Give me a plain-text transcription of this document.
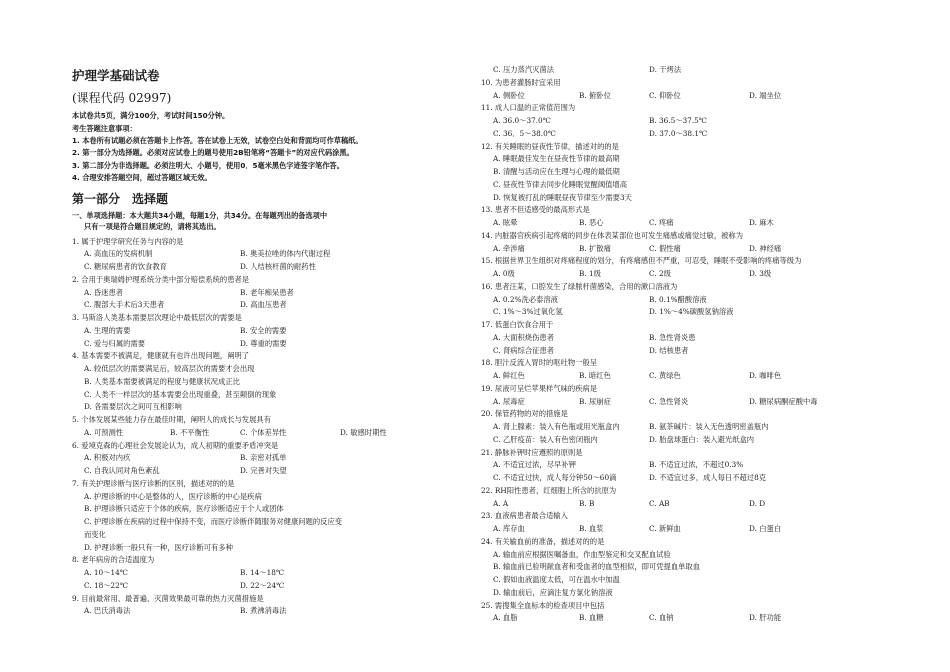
护理学基础试卷
(课程代码 02997)
本试卷共5页，满分100分，考试时间150分钟。
考生答题注意事项：
1. 本卷所有试题必须在答题卡上作答。答在试卷上无效，试卷空白处和背面均可作草稿纸。
2. 第一部分为选择题。必须对应试卷上的题号使用2B铅笔将“答题卡”的对应代码涂黑。
3. 第二部分为非选择题。必须注明大、小题号，使用0．5毫米黑色字迹签字笔作答。
4. 合理安排答题空间，超过答题区域无效。
第一部分　选择题
一、单项选择题：本大题共34小题，每题1分，共34分。在每题列出的备选项中
只有一项是符合题目规定的，请将其选出。
1. 属于护理学研究任务与内容的是
A. 高血压的发病机制	B. 奥美拉唑的体内代谢过程
C. 糖尿病患者的饮食教育	D. 人结核杆菌的耐药性
2. 合用于奥瑞姆护理系统分类中部分赔偿系统的患者是
A. 昏迷患者	B. 老年痴呆患者
C. 腹部大手术后3天患者	D. 高血压患者
3. 马斯洛人类基本需要层次理论中最低层次的需要是
A. 生理的需要	B. 安全的需要
C. 爱与归属的需要	D. 尊重的需要
4. 基本需要不被满足，健康就有也许出现问题，阐明了
A. 较低层次的需要满足后，较高层次的需要才会出现
B. 人类基本需要被满足的程度与健康状况成正比
C. 人类不一样层次的基本需要会出现重叠，甚至颠倒的现象
D. 各需要层次之间可互相影响
5. 个体发展某些能力存在最佳时期，阐明人的成长与发展具有
A. 可预测性	B. 不平衡性	C. 个体差异性	D. 敏感时期性
6. 爱境克森的心理社会发展论认为，成人初期的重要矛盾冲突是
A. 积极对内疚	B. 亲密对孤单
C. 自我认同对角色紊乱	D. 完善对失望
7. 有关护理诊断与医疗诊断的区别，描述对的的是
A. 护理诊断的中心是整体的人，医疗诊断的中心是疾病
B. 护理诊断只适应于个体的疾病，医疗诊断适应于个人或团体
C. 护理诊断在疾病的过程中保持不变，而医疗诊断伴随服务对健康问题的反应变
而变化
D. 护理诊断一般只有一种，医疗诊断可有多种
8. 老年病房的合适温度为
A. 10～14℃	B. 14～18℃
C. 18～22℃	D. 22～24℃
9. 目前最常用、最普遍、灭菌效果最可靠的热力灭菌措施是
A. 巴氏消毒法	B. 煮沸消毒法
C. 压力蒸汽灭菌法	D. 干烤法
10. 为患者灌肠时宜采用
A. 侧卧位	B. 俯卧位	C. 仰卧位	D. 端坐位
11. 成人口温的正常值范围为
A. 36.0～37.0℃	B. 36.5～37.5℃
C. 36．5～38.0℃	D. 37.0～38.1℃
12. 有关睡眠的昼夜性节律，描述对的的是
A. 睡眠最佳发生在昼夜性节律的最高期
B. 清醒与活动应在生理与心理的最低期
C. 昼夜性节律去同步化睡眠觉醒阈值增高
D. 恢复被打乱的睡眠昼夜节律至少需要3天
13. 患者不但适感受的最高形式是
A. 眩晕	B. 恶心	C. 疼痛	D. 麻木
14. 内脏器官疾病引起疼痛的同步在体表某部位也可发生痛感或痛觉过敏，被称为
A. 牵涉痛	B. 扩散痛	C. 假性痛	D. 神经痛
15. 根据世界卫生组织对疼痛程度的划分，有疼痛感但不严重，可忍受，睡眠不受影响的疼痛等级为
A. 0级	B. 1级	C. 2级	D. 3级
16. 患者汪某，口腔发生了绿脓杆菌感染，合用的漱口溶液为
A. 0.2%洗必泰溶液	B. 0.1%醋酸溶液
C. 1%～3%过氧化氢	D. 1%～4%碳酸氢钠溶液
17. 低蛋白饮食合用于
A. 大面积烧伤患者	B. 急性肾炎患
C. 肾病综合征患者	D. 结核患者
18. 胆汁反流入胃时的呕吐物一般呈
A. 鲜红色	B. 暗红色	C. 黄绿色	D. 咖啡色
19. 尿液可呈烂苹果样气味的疾病是
A. 尿毒症	B. 尿崩症	C. 急性肾炎	D. 糖尿病酮症酸中毒
20. 保管药物的对的措施是
A. 肾上腺素：装入有色瓶或用光瓶盒内	B. 氨茶碱片：装入无色透明密盖瓶内
C. 乙肝疫苗：装入有色密闭瓶内	D. 胎盘球蛋白：装入避光纸盒内
21. 静脉补钾时应遵照的原则是
A. 不适宜过浓，尽早补钾	B. 不适宜过浓，不超过0.3%
C. 不适宜过快，成人每分钟50～60滴	D. 不适宜过多，成人每日不超过8克
22. RH阳性患者，红细胞上所含的抗原为
A. A	B. B	C. AB	D. D
23. 血液病患者最合适输入
A. 库存血	B. 血浆	C. 新鲜血	D. 白蛋白
24. 有关输血前的准备，描述对的的是
A. 输血前应根据医嘱备血，作血型鉴定和交叉配血试验
B. 输血前已验明献血者和受血者的血型相似，即可凭提血单取血
C. 假如血液温度太低，可在温水中加温
D. 输血前后，应滴注复方氯化钠溶液
25. 需搜集全血标本的检查项目中包括
A. 血脂	B. 血糖	C. 血钠	D. 肝功能
